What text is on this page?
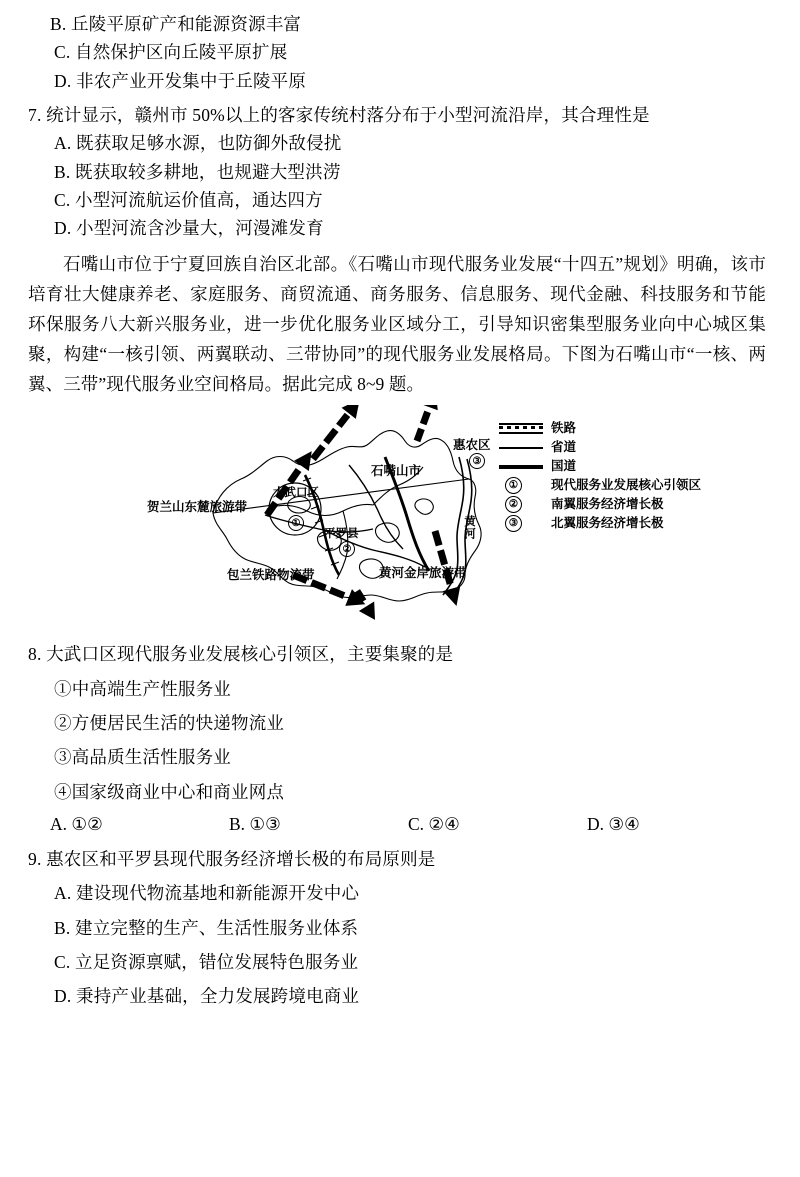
B. 丘陵平原矿产和能源资源丰富
C. 自然保护区向丘陵平原扩展
D. 非农产业开发集中于丘陵平原
7. 统计显示，赣州市 50%以上的客家传统村落分布于小型河流沿岸，其合理性是
A. 既获取足够水源，也防御外敌侵扰
B. 既获取较多耕地，也规避大型洪涝
C. 小型河流航运价值高，通达四方
D. 小型河流含沙量大，河漫滩发育
石嘴山市位于宁夏回族自治区北部。《石嘴山市现代服务业发展“十四五”规划》明确，该市培育壮大健康养老、家庭服务、商贸流通、商务服务、信息服务、现代金融、科技服务和节能环保服务八大新兴服务业，进一步优化服务业区域分工，引导知识密集型服务业向中心城区集聚，构建“一核引领、两翼联动、三带协同”的现代服务业发展格局。下图为石嘴山市“一核、两翼、三带”现代服务业空间格局。据此完成 8~9 题。
惠农区
③
石嘴山市
大武口区
①
平罗县
②
贺兰山东麓旅游带
包兰铁路物流带	黄河金岸旅游带
黄河
铁路
省道
国道
①	现代服务业发展核心引领区
②	南翼服务经济增长极
③	北翼服务经济增长极
8. 大武口区现代服务业发展核心引领区，主要集聚的是
①中高端生产性服务业
②方便居民生活的快递物流业
③高品质生活性服务业
④国家级商业中心和商业网点
A. ①②	B. ①③	C. ②④	D. ③④
9. 惠农区和平罗县现代服务经济增长极的布局原则是
A. 建设现代物流基地和新能源开发中心
B. 建立完整的生产、生活性服务业体系
C. 立足资源禀赋，错位发展特色服务业
D. 秉持产业基础，全力发展跨境电商业
